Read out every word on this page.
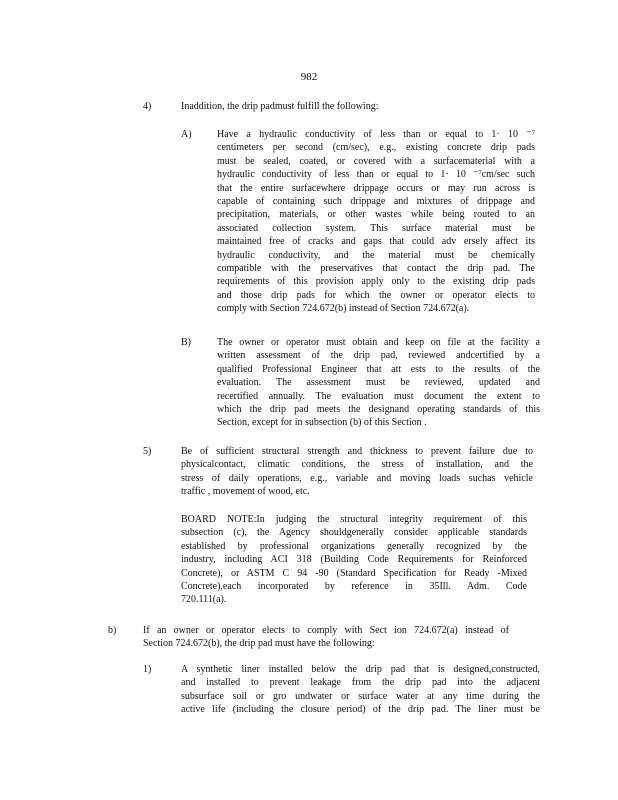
982
4)	Inaddition, the drip padmust fulfill the following:
A)	Have a hydraulic conductivity of less than or equal to 1· 10 ⁻⁷
centimeters per second (cm/sec), e.g., existing concrete drip pads
must be sealed, coated, or covered with a surfacematerial with a
hydraulic conductivity of less than or equal to 1· 10 ⁻⁷cm/sec such
that the entire surfacewhere drippage occurs or may run across is
capable of containing such drippage and mixtures of drippage and
precipitation, materials, or other wastes while being routed to an
associated collection system. This surface material must be
maintained free of cracks and gaps that could adv ersely affect its
hydraulic conductivity, and the material must be chemically
compatible with the preservatives that contact the drip pad. The
requirements of this provision apply only to the existing drip pads
and those drip pads for which the owner or operator elects to
comply with Section 724.672(b) instead of Section 724.672(a).
B)	The owner or operator must obtain and keep on file at the facility a
written assessment of the drip pad, reviewed andcertified by a
qualified Professional Engineer that att ests to the results of the
evaluation. The assessment must be reviewed, updated and
recertified annually. The evaluation must document the extent to
which the drip pad meets the designand operating standards of this
Section, except for in subsection (b) of this Section .
5)	Be of sufficient structural strength and thickness to prevent failure due to
physicalcontact, climatic conditions, the stress of installation, and the
stress of daily operations, e.g., variable and moving loads suchas vehicle
traffic , movement of wood, etc.
BOARD NOTE:In judging the structural integrity requirement of this
subsection (c), the Agency shouldgenerally consider applicable standards
established by professional organizations generally recognized by the
industry, including ACI 318 (Building Code Requirements for Reinforced
Concrete), or ASTM C 94 -90 (Standard Specification for Ready -Mixed
Concrete),each incorporated by reference in 35Ill. Adm. Code
720.111(a).
b)	If an owner or operator elects to comply with Sect ion 724.672(a) instead of
Section 724.672(b), the drip pad must have the following:
1)	A synthetic liner installed below the drip pad that is designed,constructed,
and installed to prevent leakage from the drip pad into the adjacent
subsurface soil or gro undwater or surface water at any time during the
active life (including the closure period) of the drip pad. The liner must be
